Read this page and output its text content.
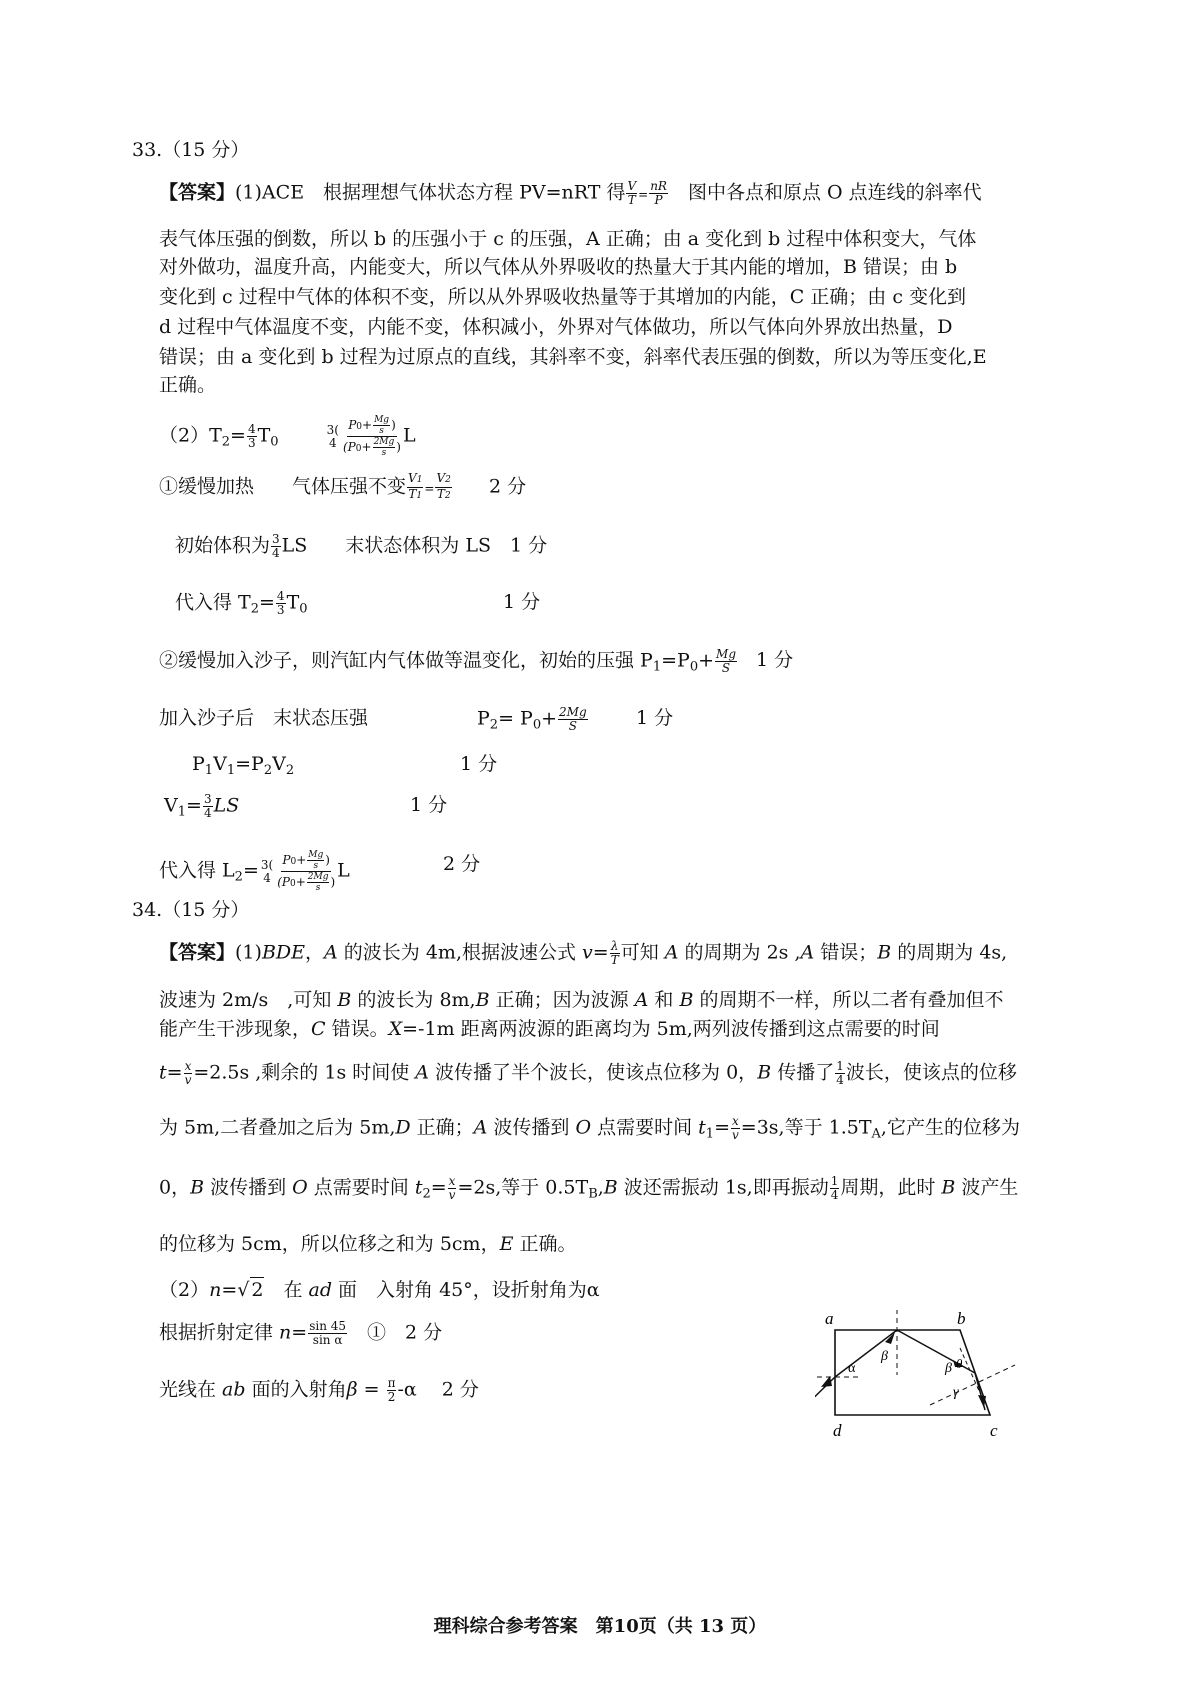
33.（15 分）
【答案】(1)ACE　根据理想气体状态方程 PV=nRT 得 $\frac{V}{T} = \frac{nR}{P}$ 　图中各点和原点 O 点连线的斜率代
表气体压强的倒数，所以 b 的压强小于 c 的压强，A 正确；由 a 变化到 b 过程中体积变大，气体
对外做功，温度升高，内能变大，所以气体从外界吸收的热量大于其内能的增加，B 错误；由 b
变化到 c 过程中气体的体积不变，所以从外界吸收热量等于其增加的内能，C 正确；由 c 变化到
d 过程中气体温度不变，内能不变，体积减小，外界对气体做功，所以气体向外界放出热量，D
错误；由 a 变化到 b 过程为过原点的直线，其斜率不变，斜率代表压强的倒数，所以为等压变化,E
正确。
$(2)T_2= \frac{4}{3} T_0$
3(
4
$P0+ \frac{Mg}{s}$ )
($P0+ \frac{2Mg}{s}$ )
L
①缓慢加热　　气体压强不变 $\frac{V1}{T1} = \frac{V2}{T2} 2$ 分
初始体积为 $\frac{3}{4}$ LS　　末状态体积为 LS　1 分
代入得 $T_2= \frac{4}{3} T_0$	1 分
②缓慢加入沙子，则汽缸内气体做等温变化，初始的压强 $P_1=P_0+ \frac{Mg}{S} 1$ 分
加入沙子后　末状态压强	$P_2= P_0+ \frac{2Mg}{S}$	1 分
$P_1V_1=P_2V_2$	1 分
$V_1= \frac{3}{4}$ LS	1 分
代入得 $L_2= 3$(
4
$P0+ \frac{Mg}{s}$ )
($P0+ \frac{2Mg}{s}$ )
L	2 分
34.（15 分）
【答案】(1)BDE，A 的波长为 4m,根据波速公式 $v= \frac{\lambda}{T}$ 可知 A 的周期为 2s ,A 错误；B 的周期为 4s,
波速为 2m/s　,可知 B 的波长为 8m,B 正确；因为波源 A 和 B 的周期不一样，所以二者有叠加但不
能产生干涉现象，C 错误。X=-1m 距离两波源的距离均为 5m,两列波传播到这点需要的时间
$t= \frac{x}{v} =2.5s$ ,剩余的 1s 时间使 A 波传播了半个波长，使该点位移为 0，B 传播了 $\frac{1}{4}$ 波长，使该点的位移
为 5m,二者叠加之后为 5m,D 正确；A 波传播到 O 点需要时间 $t_1= \frac{x}{v} =3s$,等于 $1.5T_A$,它产生的位移为
0，B 波传播到 O 点需要时间 $t_2= \frac{x}{v} =2s$,等于 $0.5T_B,B$ 波还需振动 1s,即再振动 $\frac{1}{4}$ 周期，此时 B 波产生
的位移为 5cm，所以位移之和为 5cm，E 正确。
（2）n=√ 2　在 ad 面　入射角 45°，设折射角为α
根据折射定律 $n= \frac{\sin 45}{\text{sin α}}$ 　①　2 分
光线在 ab 面的入射角$\beta = \frac{\pi}{2} -\alpha$　 2 分
a	b
c
d
α
β
β θ
γ
理科综合参考答案　第10页（共 13 页）
